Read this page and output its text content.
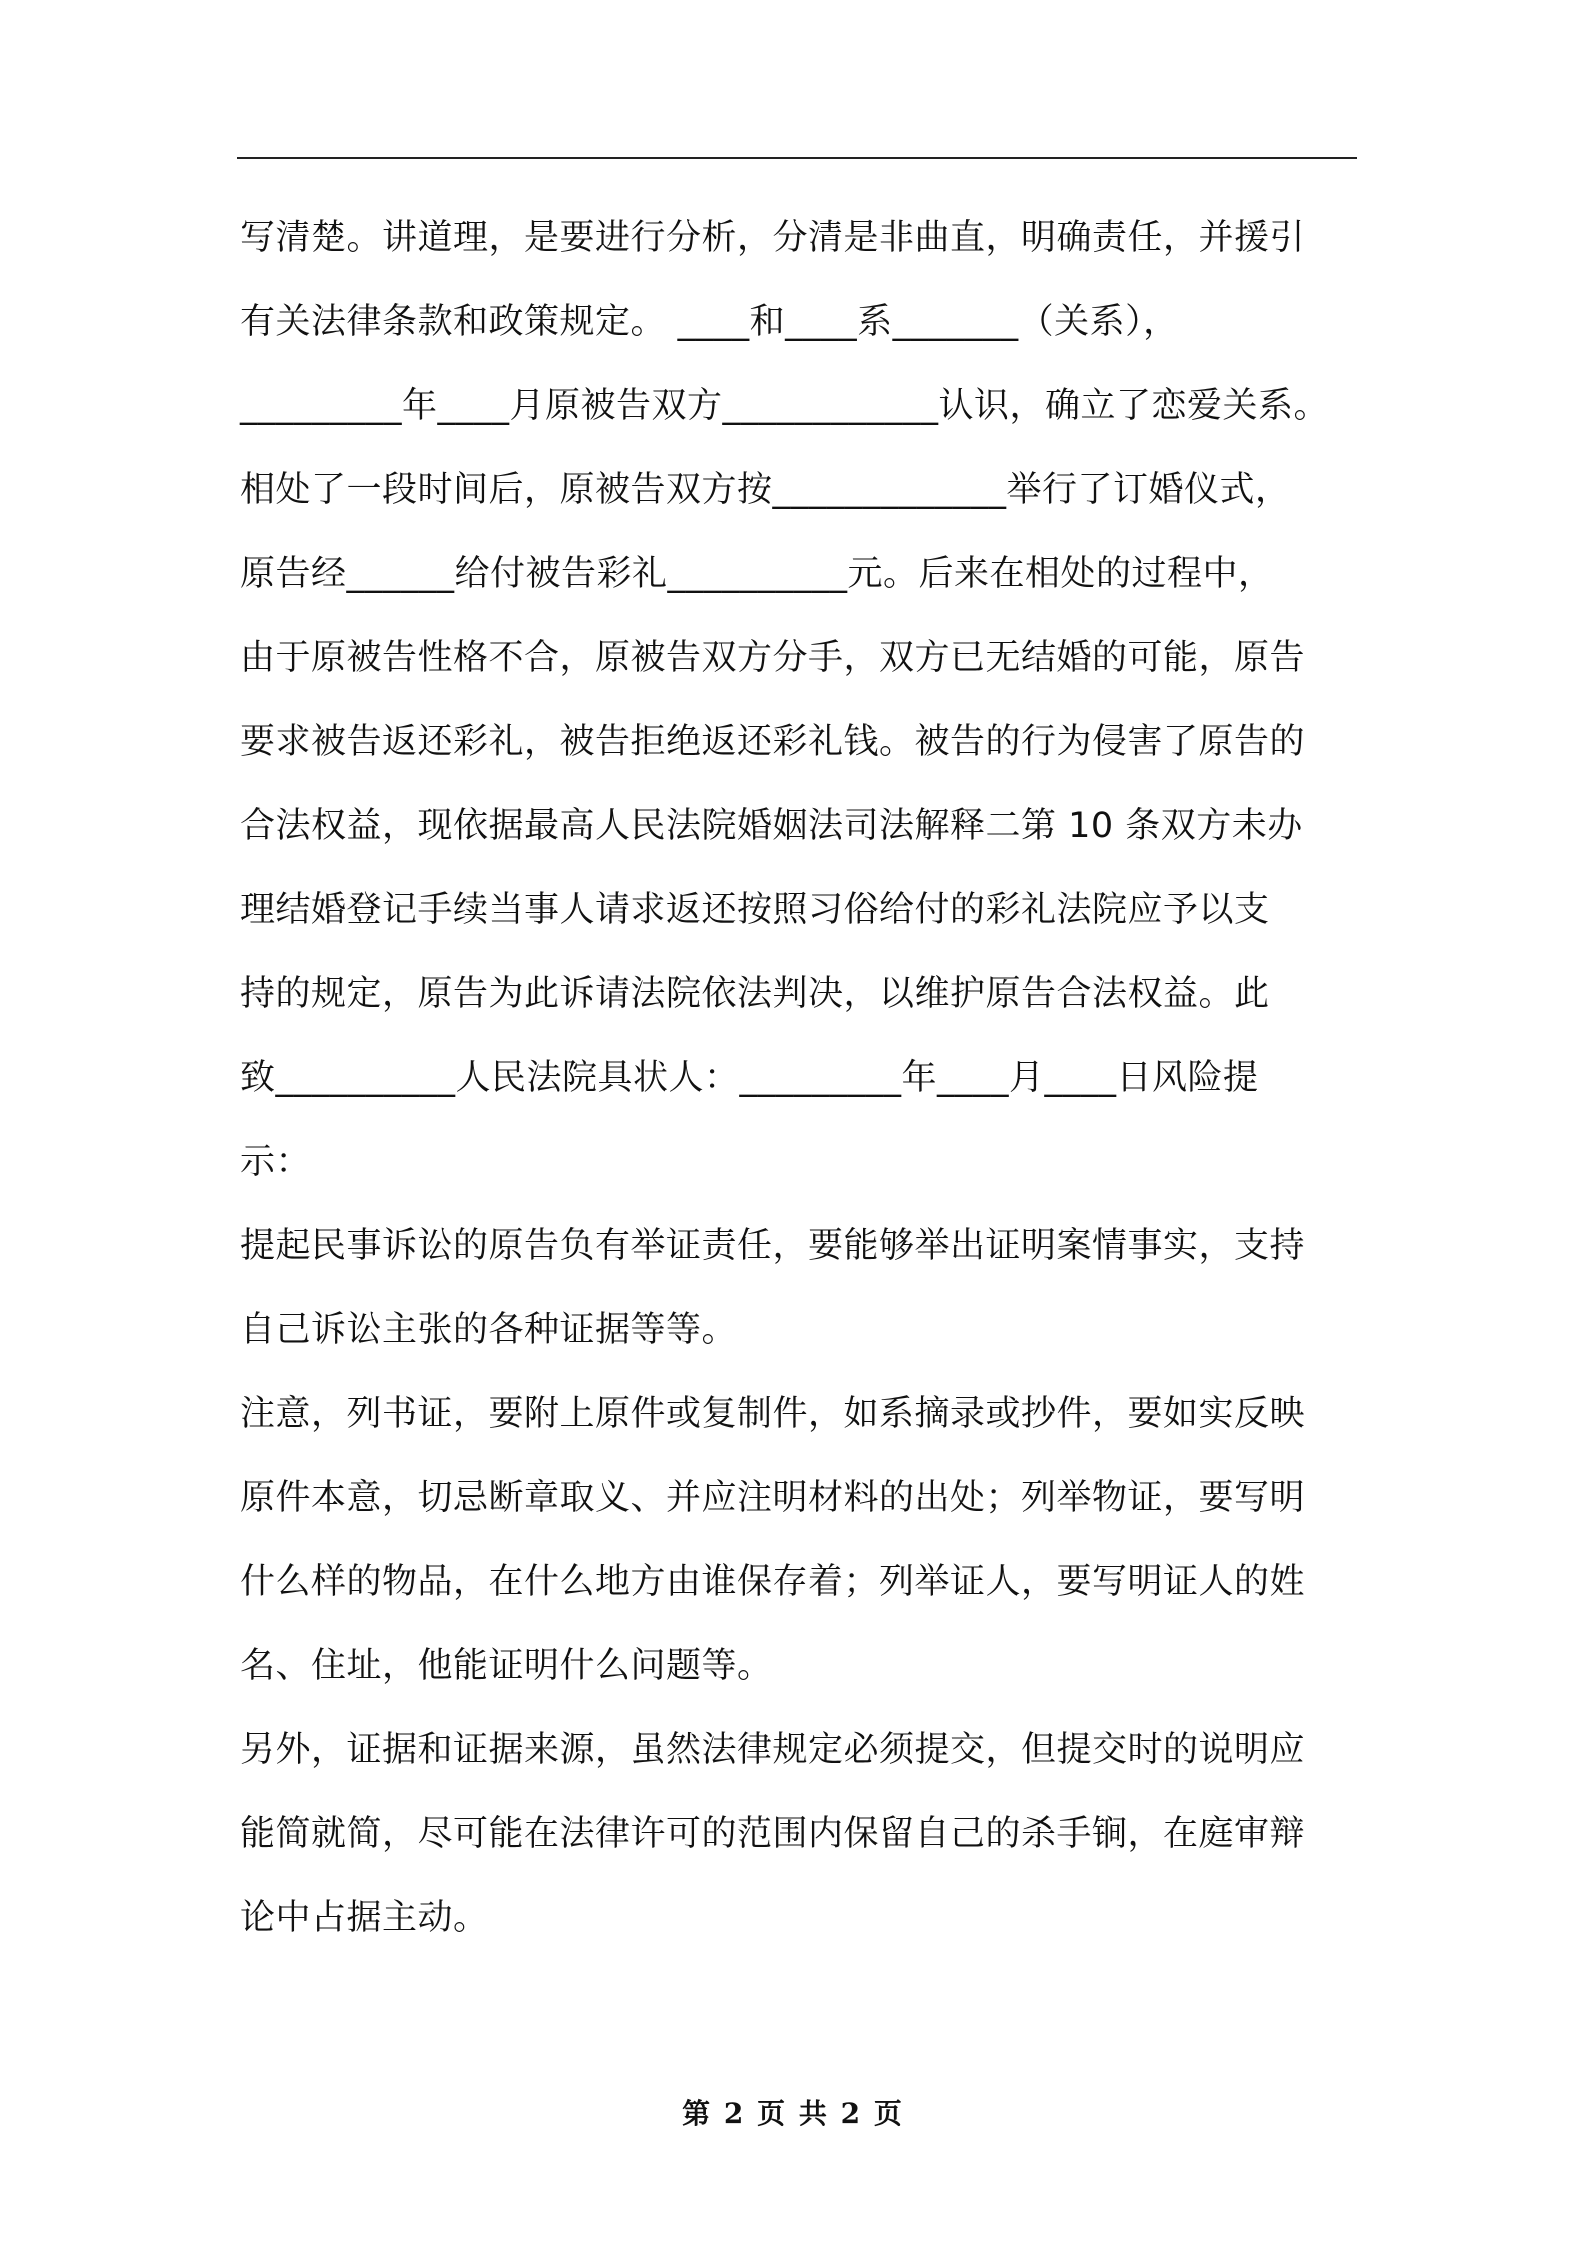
写清楚。讲道理，是要进行分析，分清是非曲直，明确责任，并援引
有关法律条款和政策规定。 ____和____系_______（关系），
_________年____月原被告双方____________认识，确立了恋爱关系。
相处了一段时间后，原被告双方按_____________举行了订婚仪式，
原告经______给付被告彩礼__________元。后来在相处的过程中，
由于原被告性格不合，原被告双方分手，双方已无结婚的可能，原告
要求被告返还彩礼，被告拒绝返还彩礼钱。被告的行为侵害了原告的
合法权益，现依据最高人民法院婚姻法司法解释二第 10 条双方未办
理结婚登记手续当事人请求返还按照习俗给付的彩礼法院应予以支
持的规定，原告为此诉请法院依法判决，以维护原告合法权益。此
致__________人民法院具状人：_________年____月____日风险提
示：
提起民事诉讼的原告负有举证责任，要能够举出证明案情事实，支持
自己诉讼主张的各种证据等等。
注意，列书证，要附上原件或复制件，如系摘录或抄件，要如实反映
原件本意，切忌断章取义、并应注明材料的出处；列举物证，要写明
什么样的物品，在什么地方由谁保存着；列举证人，要写明证人的姓
名、住址，他能证明什么问题等。
另外，证据和证据来源，虽然法律规定必须提交，但提交时的说明应
能简就简，尽可能在法律许可的范围内保留自己的杀手锏，在庭审辩
论中占据主动。
第 2 页 共 2 页
